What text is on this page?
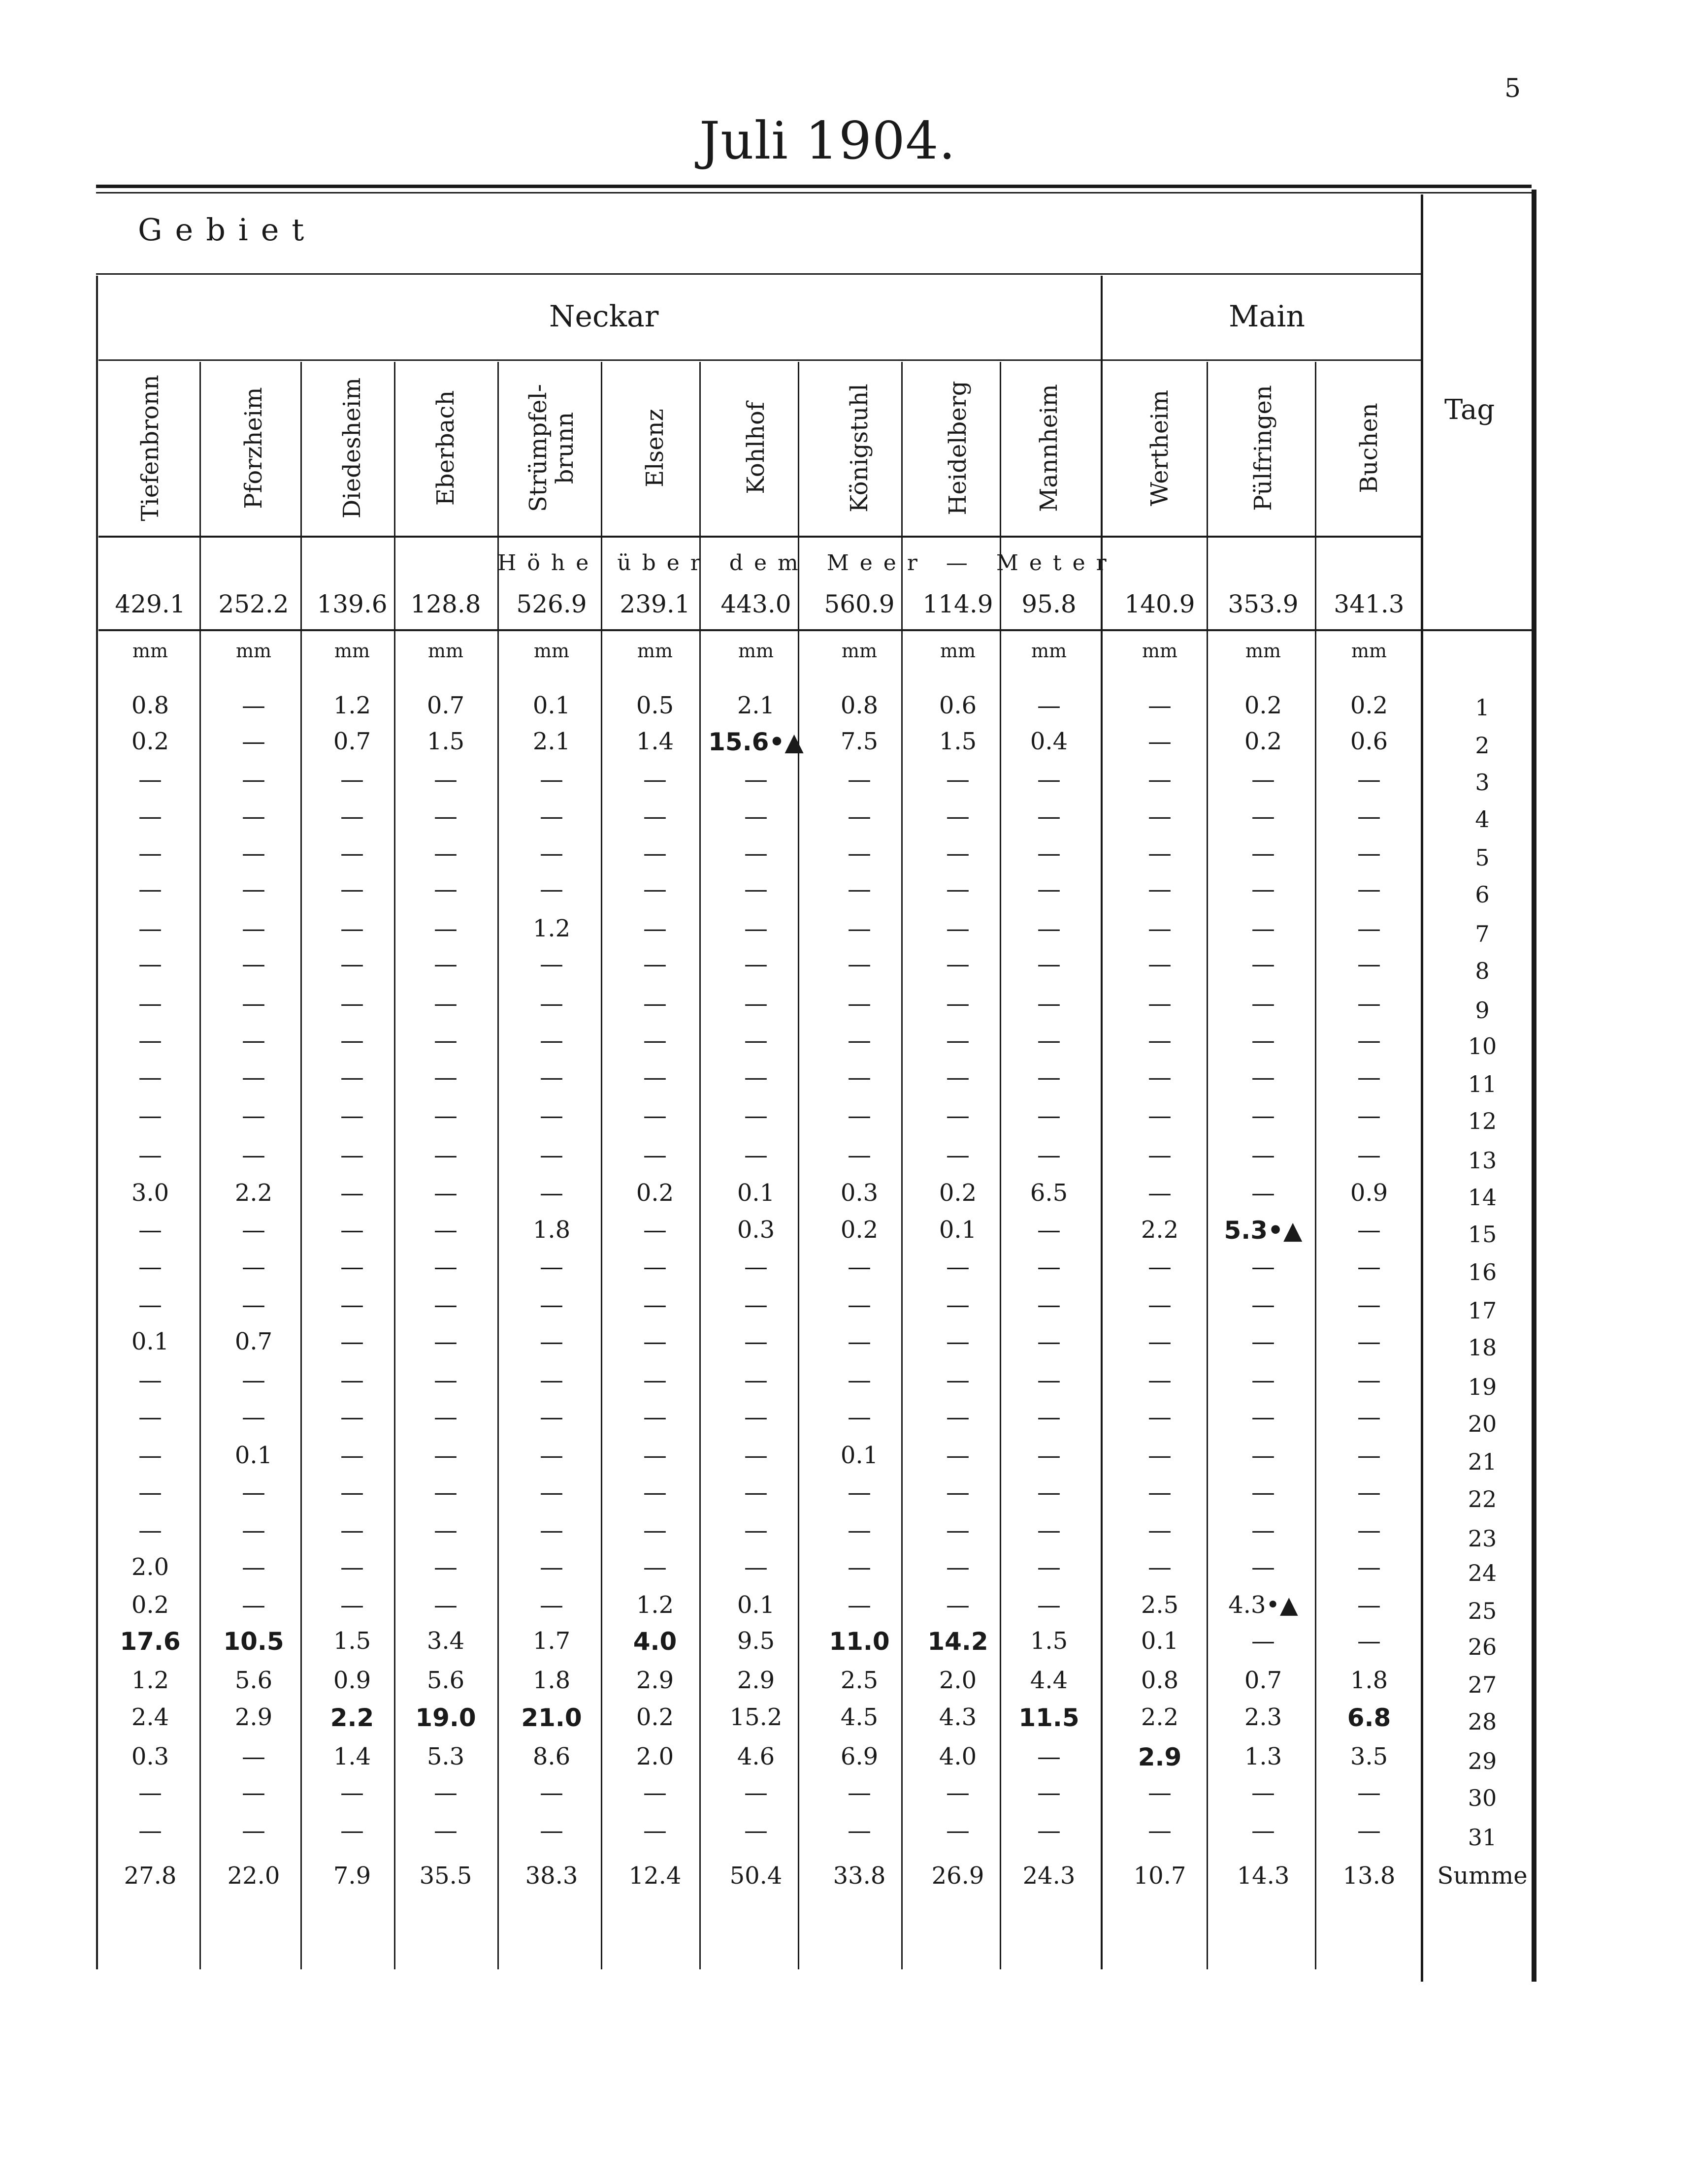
5
Juli 1904.
Gebiet
Neckar	Main
Tag
Höhe über dem Meer — Meter
Tiefenbronn
429.1
mm
0.8
0.2
—
—
—
—
—
—
—
—
—
—
—
3.0
—
—
—
0.1
—
—
—
—
—
2.0
0.2
17.6
1.2
2.4
0.3
—
—
27.8
Pforzheim
252.2
mm
—
—
—
—
—
—
—
—
—
—
—
—
—
2.2
—
—
—
0.7
—
—
0.1
—
—
—
—
10.5
5.6
2.9
—
—
—
22.0
Diedesheim
139.6
mm
1.2
0.7
—
—
—
—
—
—
—
—
—
—
—
—
—
—
—
—
—
—
—
—
—
—
—
1.5
0.9
2.2
1.4
—
—
7.9
Eberbach
128.8
mm
0.7
1.5
—
—
—
—
—
—
—
—
—
—
—
—
—
—
—
—
—
—
—
—
—
—
—
3.4
5.6
19.0
5.3
—
—
35.5
Strümpfel-
brunn
526.9
mm
0.1
2.1
—
—
—
—
1.2
—
—
—
—
—
—
—
1.8
—
—
—
—
—
—
—
—
—
—
1.7
1.8
21.0
8.6
—
—
38.3
Elsenz
239.1
mm
0.5
1.4
—
—
—
—
—
—
—
—
—
—
—
0.2
—
—
—
—
—
—
—
—
—
—
1.2
4.0
2.9
0.2
2.0
—
—
12.4
Kohlhof
443.0
mm
2.1
15.6•▲
—
—
—
—
—
—
—
—
—
—
—
0.1
0.3
—
—
—
—
—
—
—
—
—
0.1
9.5
2.9
15.2
4.6
—
—
50.4
Königstuhl
560.9
mm
0.8
7.5
—
—
—
—
—
—
—
—
—
—
—
0.3
0.2
—
—
—
—
—
0.1
—
—
—
—
11.0
2.5
4.5
6.9
—
—
33.8
Heidelberg
114.9
mm
0.6
1.5
—
—
—
—
—
—
—
—
—
—
—
0.2
0.1
—
—
—
—
—
—
—
—
—
—
14.2
2.0
4.3
4.0
—
—
26.9
Mannheim
95.8
mm
—
0.4
—
—
—
—
—
—
—
—
—
—
—
6.5
—
—
—
—
—
—
—
—
—
—
—
1.5
4.4
11.5
—
—
—
24.3
Wertheim
140.9
mm
—
—
—
—
—
—
—
—
—
—
—
—
—
—
2.2
—
—
—
—
—
—
—
—
—
2.5
0.1
0.8
2.2
2.9
—
—
10.7
Pülfringen
353.9
mm
0.2
0.2
—
—
—
—
—
—
—
—
—
—
—
—
5.3•▲
—
—
—
—
—
—
—
—
—
4.3•▲
—
0.7
2.3
1.3
—
—
14.3
Buchen
341.3
mm
0.2
0.6
—
—
—
—
—
—
—
—
—
—
—
0.9
—
—
—
—
—
—
—
—
—
—
—
—
1.8
6.8
3.5
—
—
13.8
1
2
3
4
5
6
7
8
9
10
11
12
13
14
15
16
17
18
19
20
21
22
23
24
25
26
27
28
29
30
31
Summe
